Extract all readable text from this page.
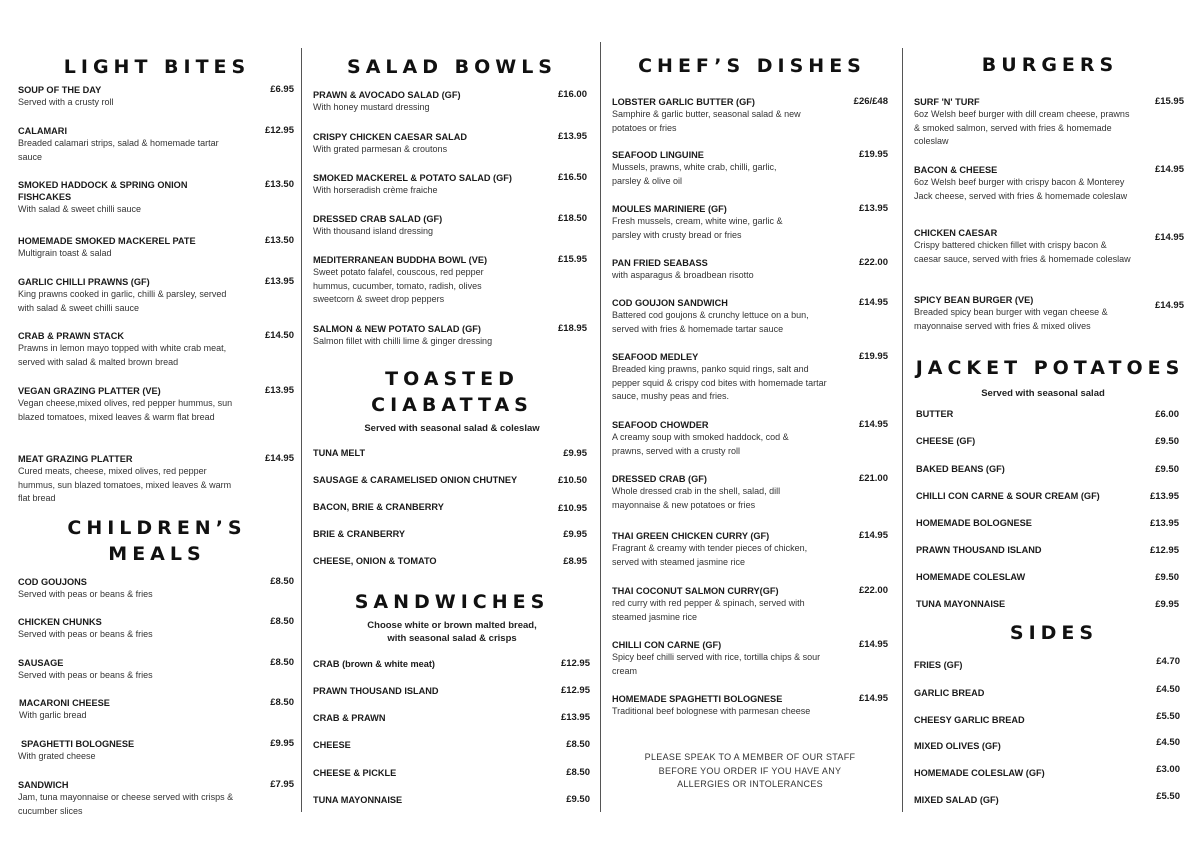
LIGHT BITES
SOUP OF THE DAY
Served with a crusty roll
£6.95
CALAMARI
Breaded calamari strips, salad & homemade tartar sauce
£12.95
SMOKED HADDOCK & SPRING ONION FISHCAKES
With salad & sweet chilli sauce
£13.50
HOMEMADE SMOKED MACKEREL PATE
Multigrain toast & salad
£13.50
GARLIC CHILLI PRAWNS (GF)
King prawns cooked in garlic, chilli & parsley, served with salad & sweet chilli sauce
£13.95
CRAB & PRAWN STACK
Prawns in lemon mayo topped with white crab meat, served with salad & malted brown bread
£14.50
VEGAN GRAZING PLATTER (VE)
Vegan cheese,mixed olives, red pepper hummus, sun blazed tomatoes, mixed leaves & warm flat bread
£13.95
MEAT GRAZING PLATTER
Cured meats, cheese, mixed olives, red pepper hummus, sun blazed tomatoes, mixed leaves & warm flat bread
£14.95
CHILDREN’S
MEALS
COD GOUJONS
Served with peas or beans & fries
£8.50
CHICKEN CHUNKS
Served with peas or beans & fries
£8.50
SAUSAGE
Served with peas or beans & fries
£8.50
MACARONI CHEESE
With garlic bread
£8.50
SPAGHETTI BOLOGNESE
With grated cheese
£9.95
SANDWICH
Jam, tuna mayonnaise or cheese served with crisps & cucumber slices
£7.95
SALAD BOWLS
PRAWN & AVOCADO SALAD (GF)
With honey mustard dressing
£16.00
CRISPY CHICKEN CAESAR SALAD
With grated parmesan & croutons
£13.95
SMOKED MACKEREL & POTATO SALAD (GF)
With horseradish crème fraiche
£16.50
DRESSED CRAB SALAD (GF)
With thousand island dressing
£18.50
MEDITERRANEAN BUDDHA BOWL (VE)
Sweet potato falafel, couscous, red pepper hummus, cucumber, tomato, radish, olives sweetcorn & sweet drop peppers
£15.95
SALMON & NEW POTATO SALAD (GF)
Salmon fillet with chilli lime & ginger dressing
£18.95
TOASTED
CIABATTAS
Served with seasonal salad & coleslaw
TUNA MELT	£9.95
SAUSAGE & CARAMELISED ONION CHUTNEY	£10.50
BACON, BRIE & CRANBERRY	£10.95
BRIE & CRANBERRY	£9.95
CHEESE, ONION & TOMATO	£8.95
SANDWICHES
Choose white or brown malted bread,
with seasonal salad & crisps
CRAB (brown & white meat)	£12.95
PRAWN THOUSAND ISLAND	£12.95
CRAB & PRAWN	£13.95
CHEESE	£8.50
CHEESE & PICKLE	£8.50
TUNA MAYONNAISE	£9.50
CHEF’S DISHES
LOBSTER GARLIC BUTTER (GF)
Samphire & garlic butter, seasonal salad & new potatoes or fries
£26/£48
SEAFOOD LINGUINE
Mussels, prawns, white crab, chilli, garlic, parsley & olive oil
£19.95
MOULES MARINIERE (GF)
Fresh mussels, cream, white wine, garlic & parsley with crusty bread or fries
£13.95
PAN FRIED SEABASS
with asparagus & broadbean risotto
£22.00
COD GOUJON SANDWICH
Battered cod goujons & crunchy lettuce on a bun, served with fries & homemade tartar sauce
£14.95
SEAFOOD MEDLEY
Breaded king prawns, panko squid rings, salt and pepper squid & crispy cod bites with homemade tartar sauce, mushy peas and fries.
£19.95
SEAFOOD CHOWDER
A creamy soup with smoked haddock, cod & prawns, served with a crusty roll
£14.95
DRESSED CRAB (GF)
Whole dressed crab in the shell, salad, dill mayonnaise & new potatoes or fries
£21.00
THAI GREEN CHICKEN CURRY (GF)
Fragrant & creamy with tender pieces of chicken, served with steamed jasmine rice
£14.95
THAI COCONUT SALMON CURRY(GF)
red curry with red pepper & spinach, served with steamed jasmine rice
£22.00
CHILLI CON CARNE (GF)
Spicy beef chilli served with rice, tortilla chips & sour cream
£14.95
HOMEMADE SPAGHETTI BOLOGNESE
Traditional beef bolognese with parmesan cheese
£14.95
PLEASE SPEAK TO A MEMBER OF OUR STAFF
BEFORE YOU ORDER IF YOU HAVE ANY
ALLERGIES OR INTOLERANCES
BURGERS
SURF 'N' TURF
6oz Welsh beef burger with dill cream cheese, prawns & smoked salmon, served with fries & homemade coleslaw
£15.95
BACON & CHEESE
6oz Welsh beef burger with crispy bacon & Monterey Jack cheese, served with fries & homemade coleslaw
£14.95
CHICKEN CAESAR
Crispy battered chicken fillet with crispy bacon & caesar sauce, served with fries & homemade coleslaw
£14.95
SPICY BEAN BURGER (VE)
Breaded spicy bean burger with vegan cheese & mayonnaise served with fries & mixed olives
£14.95
JACKET POTATOES
Served with seasonal salad
BUTTER	£6.00
CHEESE (GF)	£9.50
BAKED BEANS (GF)	£9.50
CHILLI CON CARNE & SOUR CREAM (GF)	£13.95
HOMEMADE BOLOGNESE	£13.95
PRAWN THOUSAND ISLAND	£12.95
HOMEMADE COLESLAW	£9.50
TUNA MAYONNAISE	£9.95
SIDES
FRIES (GF)	£4.70
GARLIC BREAD	£4.50
CHEESY GARLIC BREAD	£5.50
MIXED OLIVES (GF)	£4.50
HOMEMADE COLESLAW (GF)	£3.00
MIXED SALAD (GF)	£5.50
